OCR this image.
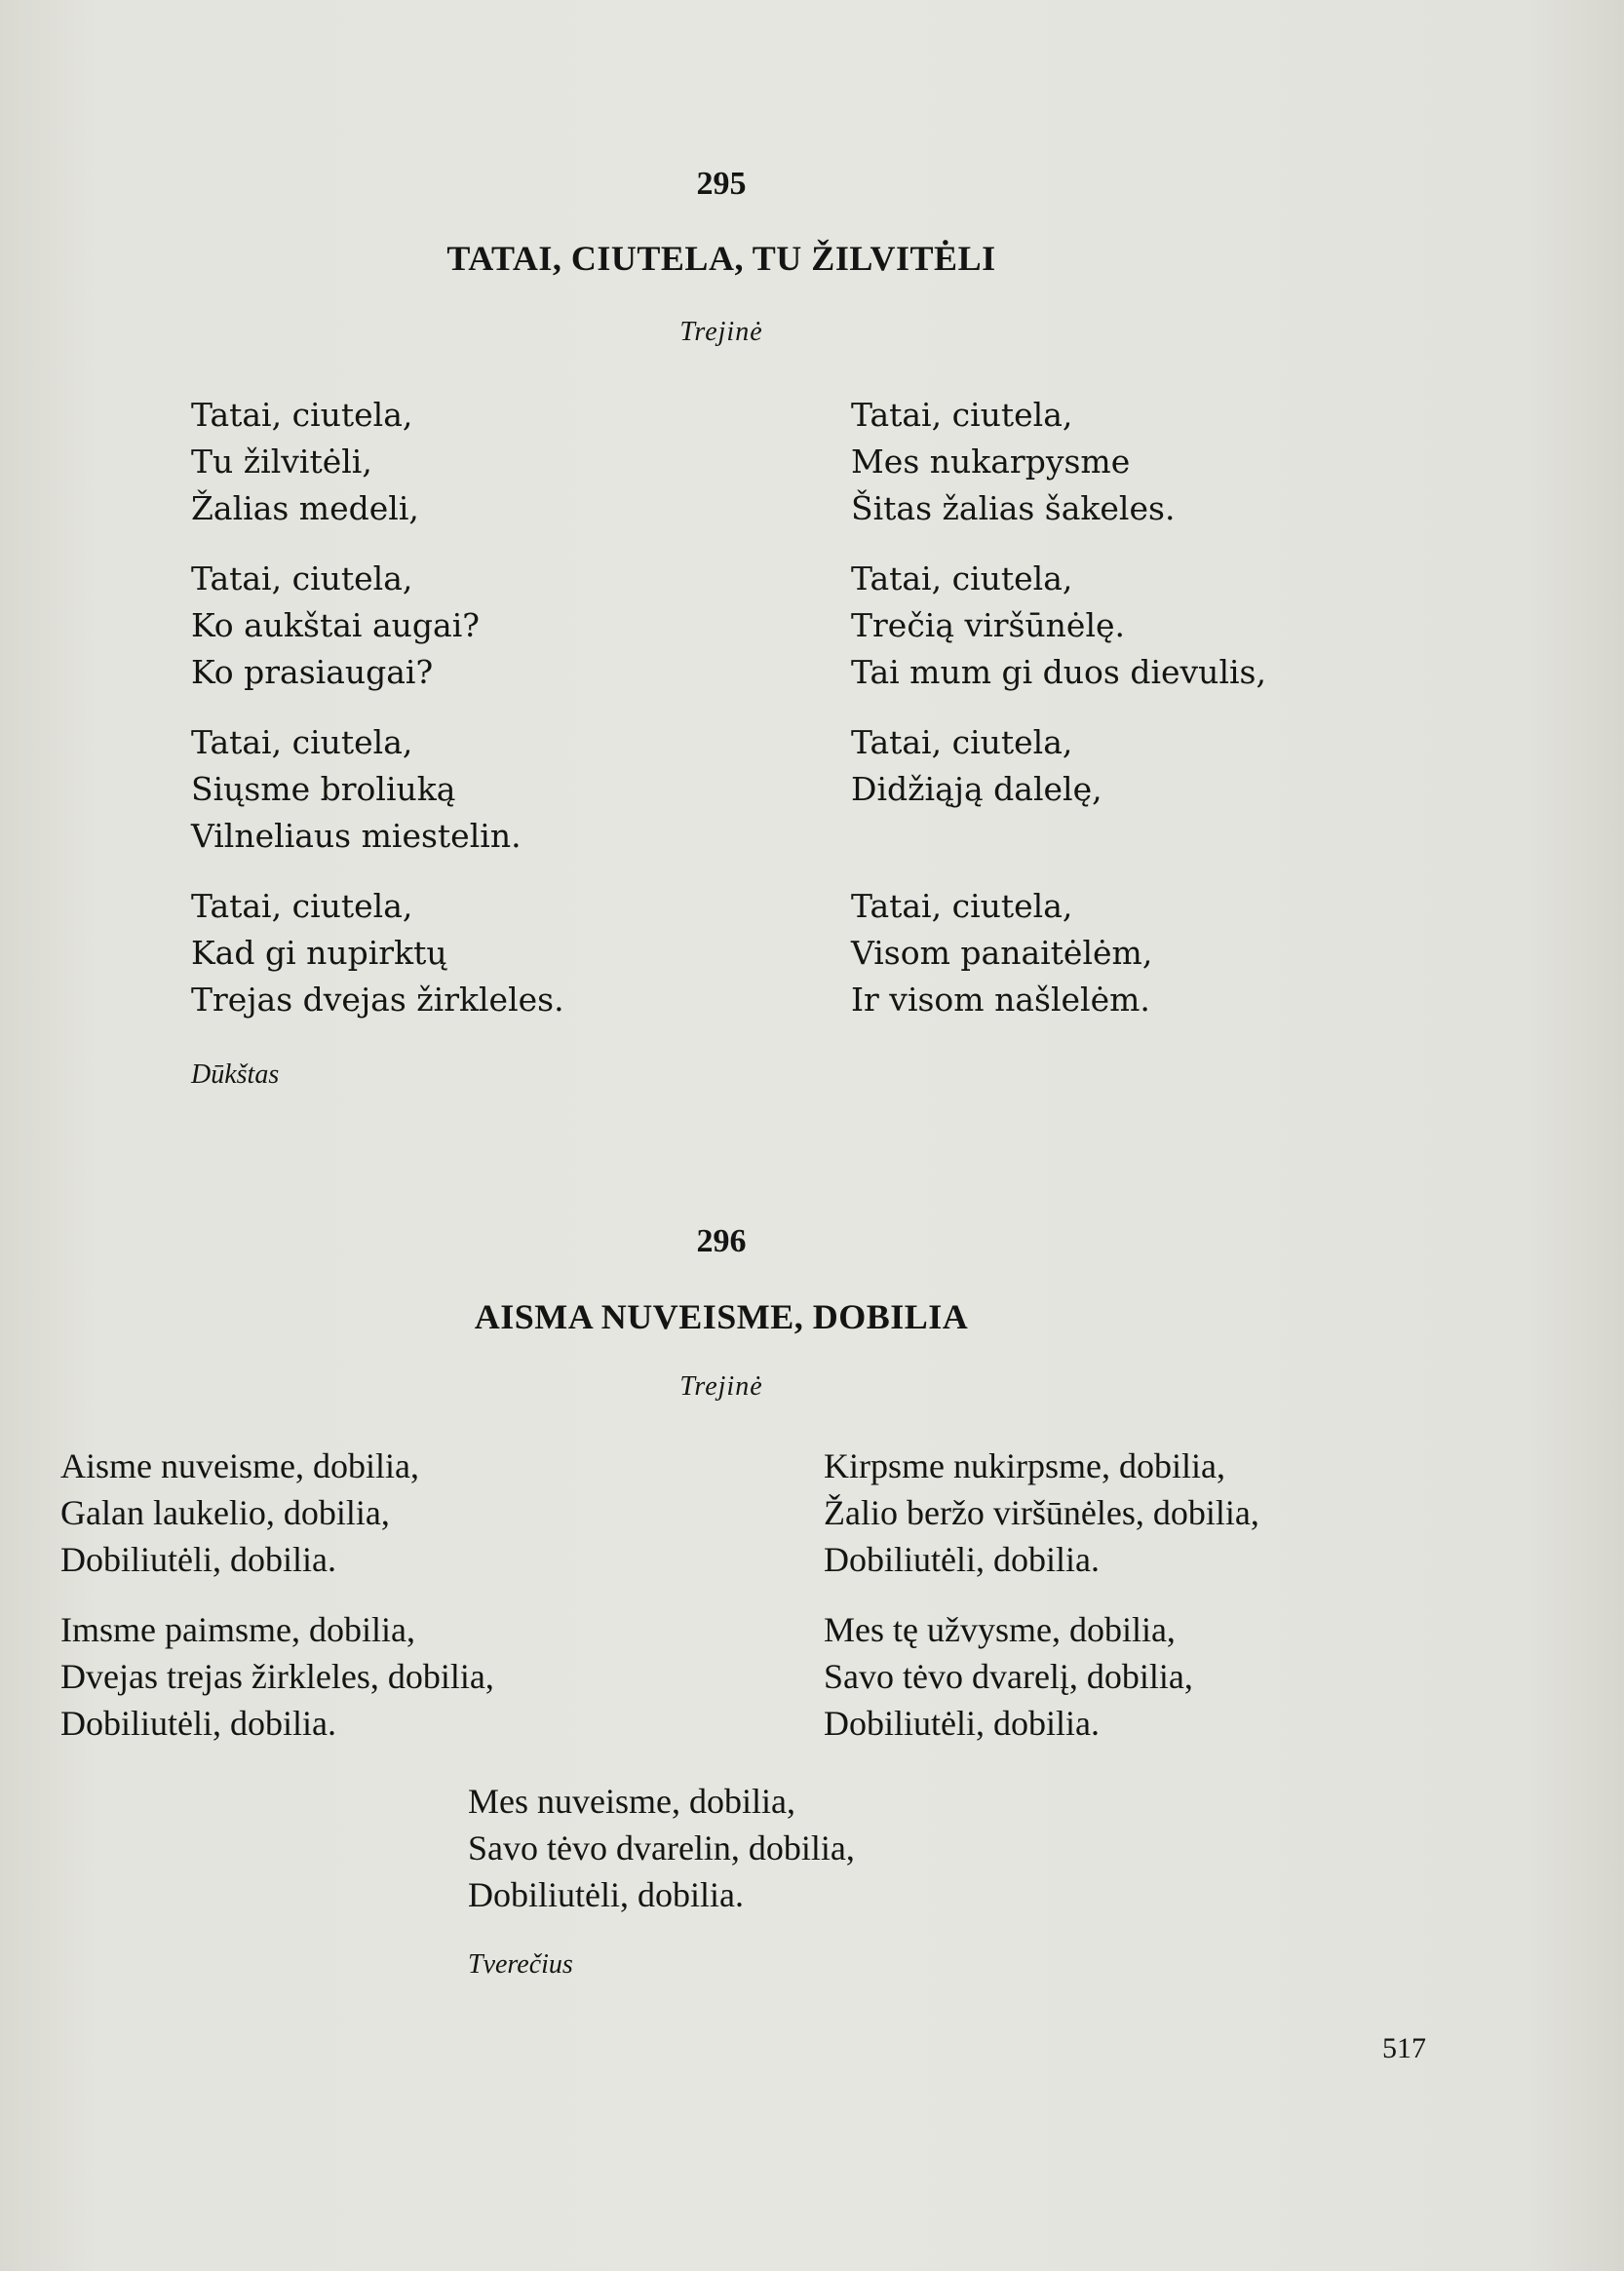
295
TATAI, CIUTELA, TU ŽILVITĖLI
Trejinė
Tatai, ciutela,
Tu žilvitėli,
Žalias medeli,
Tatai, ciutela,
Ko aukštai augai?
Ko prasiaugai?
Tatai, ciutela,
Siųsme broliuką
Vilneliaus miestelin.
Tatai, ciutela,
Kad gi nupirktų
Trejas dvejas žirkleles.
Tatai, ciutela,
Mes nukarpysme
Šitas žalias šakeles.
Tatai, ciutela,
Trečią viršūnėlę.
Tai mum gi duos dievulis,
Tatai, ciutela,
Didžiąją dalelę,
Tatai, ciutela,
Visom panaitėlėm,
Ir visom našlelėm.
Dūkštas
296
AISMA NUVEISME, DOBILIA
Trejinė
Aisme nuveisme, dobilia,
Galan laukelio, dobilia,
Dobiliutėli, dobilia.
Imsme paimsme, dobilia,
Dvejas trejas žirkleles, dobilia,
Dobiliutėli, dobilia.
Kirpsme nukirpsme, dobilia,
Žalio beržo viršūnėles, dobilia,
Dobiliutėli, dobilia.
Mes tę užvysme, dobilia,
Savo tėvo dvarelį, dobilia,
Dobiliutėli, dobilia.
Mes nuveisme, dobilia,
Savo tėvo dvarelin, dobilia,
Dobiliutėli, dobilia.
Tverečius
517
